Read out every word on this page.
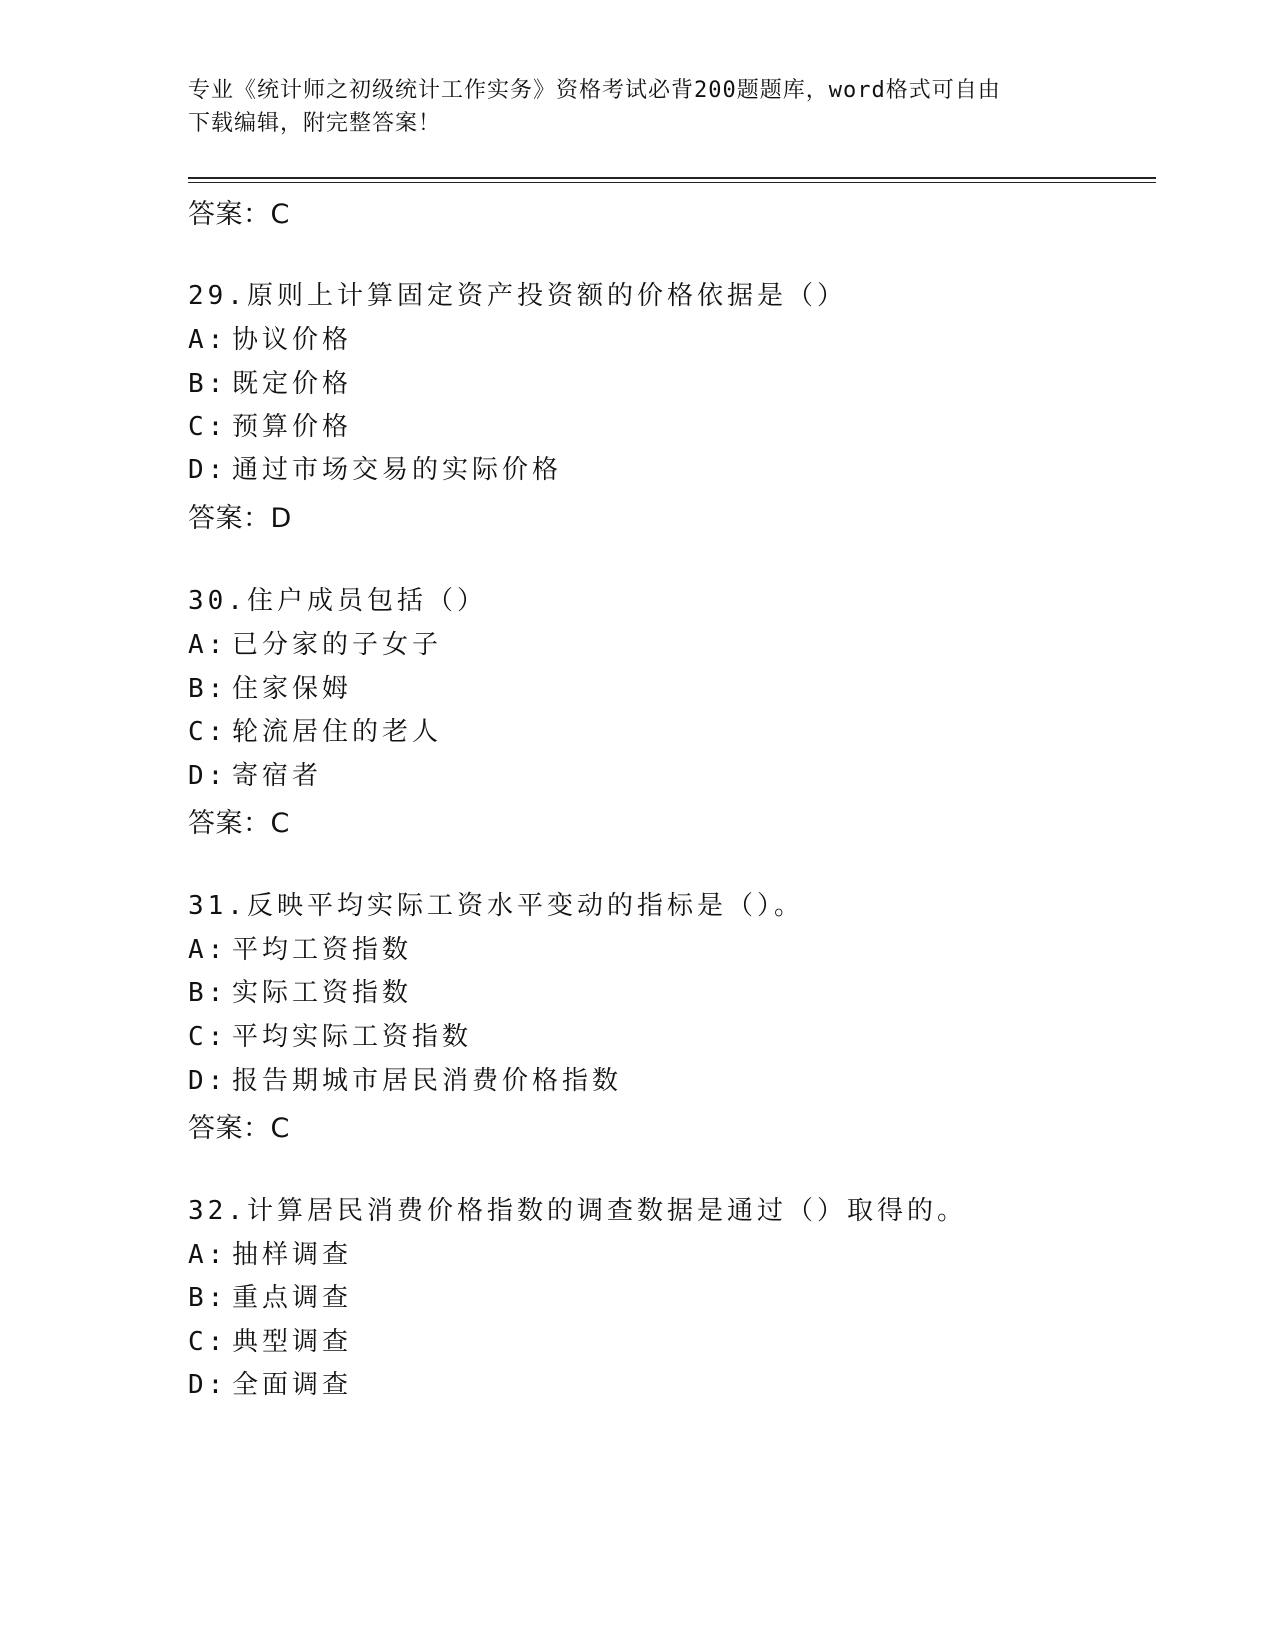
专业《统计师之初级统计工作实务》资格考试必背200题题库，word格式可自由
下载编辑，附完整答案！
答案：C
29.原则上计算固定资产投资额的价格依据是（）
A: 协议价格
B: 既定价格
C: 预算价格
D: 通过市场交易的实际价格
答案：D
30.住户成员包括（）
A: 已分家的子女子
B: 住家保姆
C: 轮流居住的老人
D: 寄宿者
答案：C
31.反映平均实际工资水平变动的指标是（）。
A: 平均工资指数
B: 实际工资指数
C: 平均实际工资指数
D: 报告期城市居民消费价格指数
答案：C
32.计算居民消费价格指数的调查数据是通过（）取得的。
A: 抽样调查
B: 重点调查
C: 典型调查
D: 全面调查
